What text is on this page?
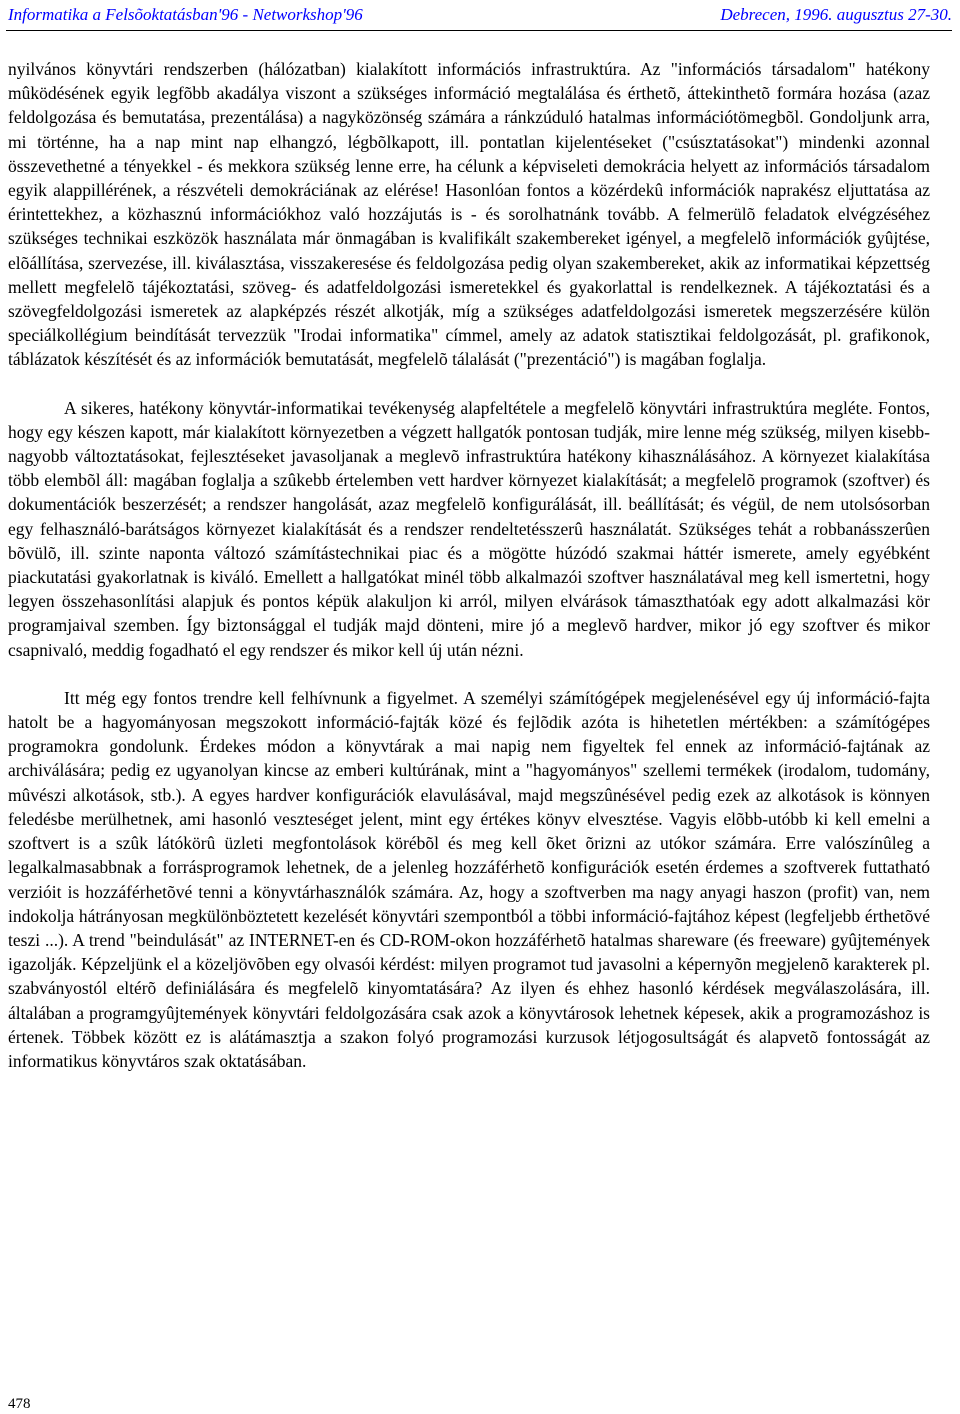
Informatika a Felsõoktatásban'96 - Networkshop'96	Debrecen, 1996. augusztus 27-30.

nyilvános könyvtári rendszerben (hálózatban) kialakított információs infrastruktúra. Az "információs társadalom" hatékony mûködésének egyik legfõbb akadálya viszont a szükséges információ megtalálása és érthetõ, áttekinthetõ formára hozása (azaz feldolgozása és bemutatása, prezentálása) a nagyközönség számára a ránkzúduló hatalmas információtömegbõl. Gondoljunk arra, mi történne, ha a nap mint nap elhangzó, légbõlkapott, ill. pontatlan kijelentéseket ("csúsztatásokat") mindenki azonnal összevethetné a tényekkel - és mekkora szükség lenne erre, ha célunk a képviseleti demokrácia helyett az információs társadalom egyik alappillérének, a részvételi demokráciának az elérése! Hasonlóan fontos a közérdekû információk naprakész eljuttatása az érintettekhez, a közhasznú információkhoz való hozzájutás is - és sorolhatnánk tovább. A felmerülõ feladatok elvégzéséhez szükséges technikai eszközök használata már önmagában is kvalifikált szakembereket igényel, a megfelelõ információk gyûjtése, elõállítása, szervezése, ill. kiválasztása, visszakeresése és feldolgozása pedig olyan szakembereket, akik az informatikai képzettség mellett megfelelõ tájékoztatási, szöveg- és adatfeldolgozási ismeretekkel és gyakorlattal is rendelkeznek. A tájékoztatási és a szövegfeldolgozási ismeretek az alapképzés részét alkotják, míg a szükséges adatfeldolgozási ismeretek megszerzésére külön speciálkollégium beindítását tervezzük "Irodai informatika" címmel, amely az adatok statisztikai feldolgozását, pl. grafikonok, táblázatok készítését és az információk bemutatását, megfelelõ tálalását ("prezentáció") is magában foglalja.

A sikeres, hatékony könyvtár-informatikai tevékenység alapfeltétele a megfelelõ könyvtári infrastruktúra megléte. Fontos, hogy egy készen kapott, már kialakított környezetben a végzett hallgatók pontosan tudják, mire lenne még szükség, milyen kisebb-nagyobb változtatásokat, fejlesztéseket javasoljanak a meglevõ infrastruktúra hatékony kihasználásához. A környezet kialakítása több elembõl áll: magában foglalja a szûkebb értelemben vett hardver környezet kialakítását; a megfelelõ programok (szoftver) és dokumentációk beszerzését; a rendszer hangolását, azaz megfelelõ konfigurálását, ill. beállítását; és végül, de nem utolsósorban egy felhasználó-barátságos környezet kialakítását és a rendszer rendeltetésszerû használatát. Szükséges tehát a robbanásszerûen bõvülõ, ill. szinte naponta változó számítástechnikai piac és a mögötte húzódó szakmai háttér ismerete, amely egyébként piackutatási gyakorlatnak is kiváló. Emellett a hallgatókat minél több alkalmazói szoftver használatával meg kell ismertetni, hogy legyen összehasonlítási alapjuk és pontos képük alakuljon ki arról, milyen elvárások támaszthatóak egy adott alkalmazási kör programjaival szemben. Így biztonsággal el tudják majd dönteni, mire jó a meglevõ hardver, mikor jó egy szoftver és mikor csapnivaló, meddig fogadható el egy rendszer és mikor kell új után nézni.

Itt még egy fontos trendre kell felhívnunk a figyelmet. A személyi számítógépek megjelenésével egy új információ-fajta hatolt be a hagyományosan megszokott információ-fajták közé és fejlõdik azóta is hihetetlen mértékben: a számítógépes programokra gondolunk. Érdekes módon a könyvtárak a mai napig nem figyeltek fel ennek az információ-fajtának az archiválására; pedig ez ugyanolyan kincse az emberi kultúrának, mint a "hagyományos" szellemi termékek (irodalom, tudomány, mûvészi alkotások, stb.). A egyes hardver konfigurációk elavulásával, majd megszûnésével pedig ezek az alkotások is könnyen feledésbe merülhetnek, ami hasonló veszteséget jelent, mint egy értékes könyv elvesztése. Vagyis elõbb-utóbb ki kell emelni a szoftvert is a szûk látókörû üzleti megfontolások körébõl és meg kell õket õrizni az utókor számára. Erre valószínûleg a legalkalmasabbnak a forrásprogramok lehetnek, de a jelenleg hozzáférhetõ konfigurációk esetén érdemes a szoftverek futtatható verzióit is hozzáférhetõvé tenni a könyvtárhasználók számára. Az, hogy a szoftverben ma nagy anyagi haszon (profit) van, nem indokolja hátrányosan megkülönböztetett kezelését könyvtári szempontból a többi információ-fajtához képest (legfeljebb érthetõvé teszi ...). A trend "beindulását" az INTERNET-en és CD-ROM-okon hozzáférhetõ hatalmas shareware (és freeware) gyûjtemények igazolják. Képzeljünk el a közeljövõben egy olvasói kérdést: milyen programot tud javasolni a képernyõn megjelenõ karakterek pl. szabványostól eltérõ definiálására és megfelelõ kinyomtatására? Az ilyen és ehhez hasonló kérdések megválaszolására, ill. általában a programgyûjtemények könyvtári feldolgozására csak azok a könyvtárosok lehetnek képesek, akik a programozáshoz is értenek. Többek között ez is alátámasztja a szakon folyó programozási kurzusok létjogosultságát és alapvetõ fontosságát az informatikus könyvtáros szak oktatásában.

478
